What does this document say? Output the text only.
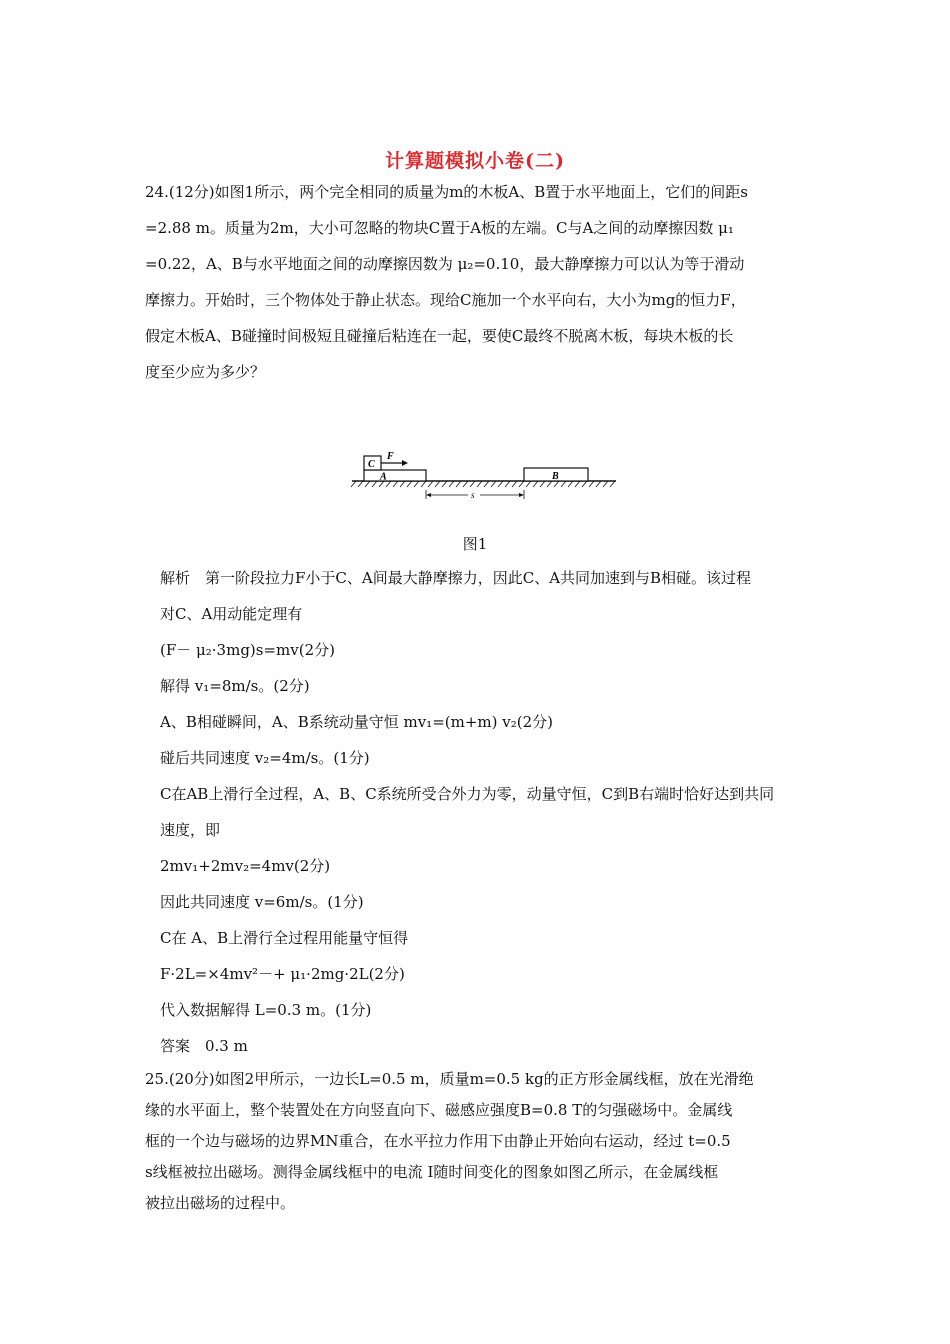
计算题模拟小卷(二)

24.(12分)如图1所示，两个完全相同的质量为m的木板A、B置于水平地面上，它们的间距s

=2.88 m。质量为2m，大小可忽略的物块C置于A板的左端。C与A之间的动摩擦因数 μ₁

=0.22，A、B与水平地面之间的动摩擦因数为 μ₂=0.10，最大静摩擦力可以认为等于滑动

摩擦力。开始时，三个物体处于静止状态。现给C施加一个水平向右，大小为mg的恒力F，

假定木板A、B碰撞时间极短且碰撞后粘连在一起，要使C最终不脱离木板，每块木板的长

度至少应为多少？

A
C
F
B
s
图1

解析　第一阶段拉力F小于C、A间最大静摩擦力，因此C、A共同加速到与B相碰。该过程

对C、A用动能定理有

(F－ μ₂·3mg)s=mv(2分)

解得 v₁=8m/s。(2分)

A、B相碰瞬间，A、B系统动量守恒 mv₁=(m+m) v₂(2分)

碰后共同速度 v₂=4m/s。(1分)

C在AB上滑行全过程，A、B、C系统所受合外力为零，动量守恒，C到B右端时恰好达到共同

速度，即

2mv₁+2mv₂=4mv(2分)

因此共同速度 v=6m/s。(1分)

C在 A、B上滑行全过程用能量守恒得

F·2L=×4mv²－+ μ₁·2mg·2L(2分)

代入数据解得 L=0.3 m。(1分)

答案　0.3 m

25.(20分)如图2甲所示，一边长L=0.5 m，质量m=0.5 kg的正方形金属线框，放在光滑绝

缘的水平面上，整个装置处在方向竖直向下、磁感应强度B=0.8 T的匀强磁场中。金属线

框的一个边与磁场的边界MN重合，在水平拉力作用下由静止开始向右运动，经过 t=0.5

s线框被拉出磁场。测得金属线框中的电流 I随时间变化的图象如图乙所示，在金属线框

被拉出磁场的过程中。
